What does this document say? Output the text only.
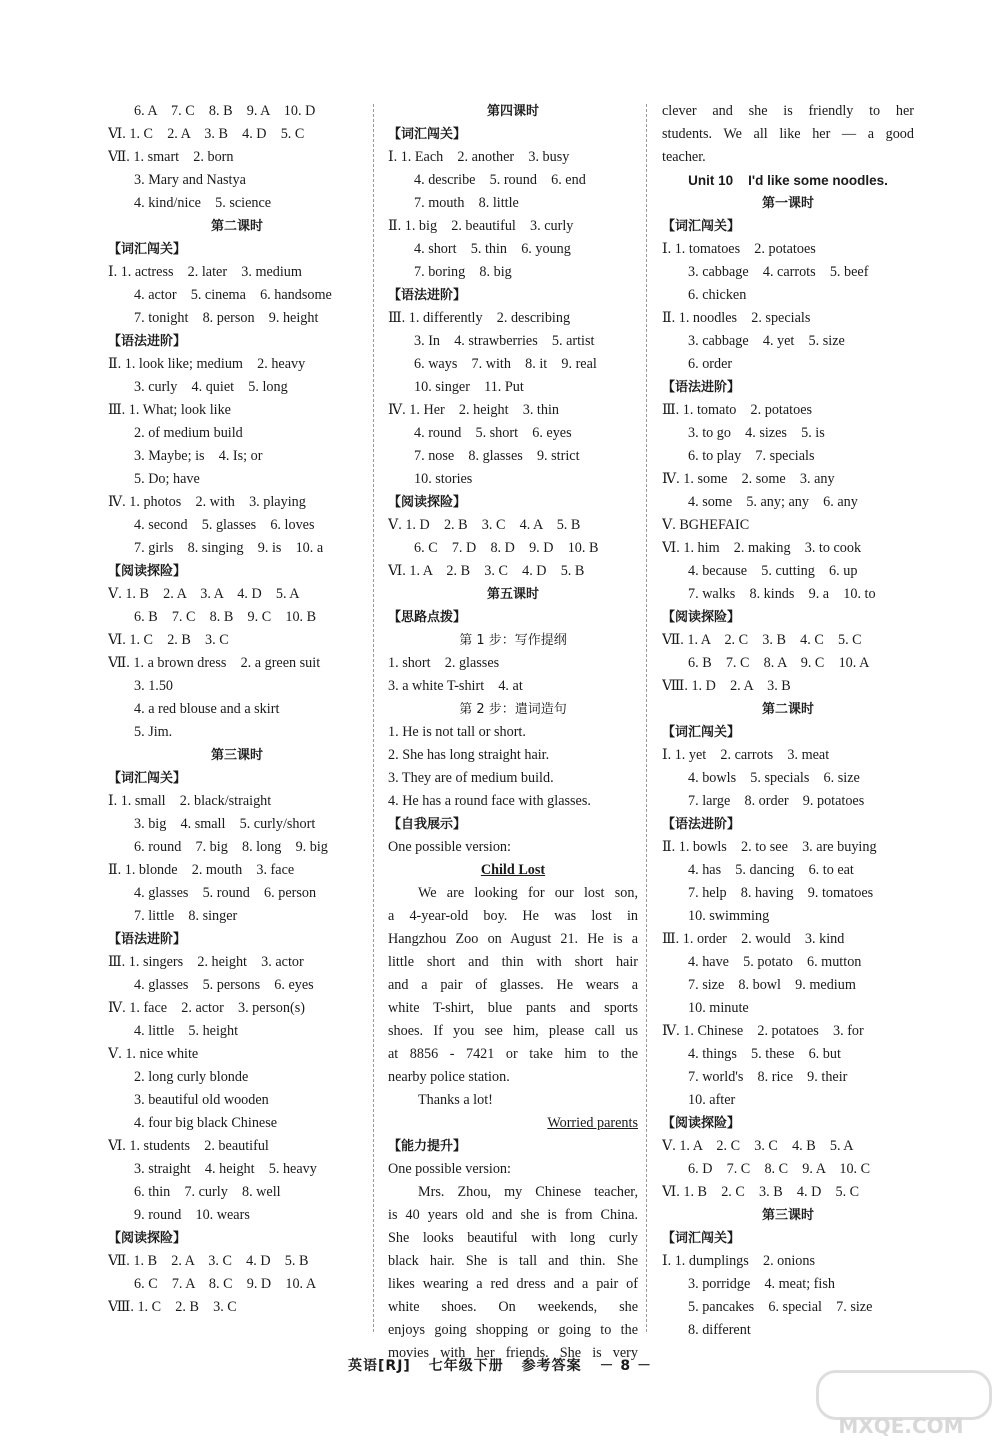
6. A    7. C    8. B    9. A    10. D
Ⅵ. 1. C    2. A    3. B    4. D    5. C
Ⅶ. 1. smart    2. born
3. Mary and Nastya
4. kind/nice    5. science
第二课时
【词汇闯关】
Ⅰ. 1. actress    2. later    3. medium
4. actor    5. cinema    6. handsome
7. tonight    8. person    9. height
【语法进阶】
Ⅱ. 1. look like; medium    2. heavy
3. curly    4. quiet    5. long
Ⅲ. 1. What; look like
2. of medium build
3. Maybe; is    4. Is; or
5. Do; have
Ⅳ. 1. photos    2. with    3. playing
4. second    5. glasses    6. loves
7. girls    8. singing    9. is    10. a
【阅读探险】
Ⅴ. 1. B    2. A    3. A    4. D    5. A
6. B    7. C    8. B    9. C    10. B
Ⅵ. 1. C    2. B    3. C
Ⅶ. 1. a brown dress    2. a green suit
3. 1.50
4. a red blouse and a skirt
5. Jim.
第三课时
【词汇闯关】
Ⅰ. 1. small    2. black/straight
3. big    4. small    5. curly/short
6. round    7. big    8. long    9. big
Ⅱ. 1. blonde    2. mouth    3. face
4. glasses    5. round    6. person
7. little    8. singer
【语法进阶】
Ⅲ. 1. singers    2. height    3. actor
4. glasses    5. persons    6. eyes
Ⅳ. 1. face    2. actor    3. person(s)
4. little    5. height
Ⅴ. 1. nice white
2. long curly blonde
3. beautiful old wooden
4. four big black Chinese
Ⅵ. 1. students    2. beautiful
3. straight    4. height    5. heavy
6. thin    7. curly    8. well
9. round    10. wears
【阅读探险】
Ⅶ. 1. B    2. A    3. C    4. D    5. B
6. C    7. A    8. C    9. D    10. A
Ⅷ. 1. C    2. B    3. C
第四课时
【词汇闯关】
Ⅰ. 1. Each    2. another    3. busy
4. describe    5. round    6. end
7. mouth    8. little
Ⅱ. 1. big    2. beautiful    3. curly
4. short    5. thin    6. young
7. boring    8. big
【语法进阶】
Ⅲ. 1. differently    2. describing
3. In    4. strawberries    5. artist
6. ways    7. with    8. it    9. real
10. singer    11. Put
Ⅳ. 1. Her    2. height    3. thin
4. round    5. short    6. eyes
7. nose    8. glasses    9. strict
10. stories
【阅读探险】
Ⅴ. 1. D    2. B    3. C    4. A    5. B
6. C    7. D    8. D    9. D    10. B
Ⅵ. 1. A    2. B    3. C    4. D    5. B
第五课时
【思路点拨】
第 1 步：写作提纲
1. short    2. glasses
3. a white T-shirt    4. at
第 2 步：遣词造句
1. He is not tall or short.
2. She has long straight hair.
3. They are of medium build.
4. He has a round face with glasses.
【自我展示】
One possible version:
Child Lost
We are looking for our lost son,
a 4-year-old boy. He was lost in
Hangzhou Zoo on August 21. He is a
little short and thin with short hair
and a pair of glasses. He wears a
white T-shirt, blue pants and sports
shoes. If you see him, please call us
at 8856 - 7421 or take him to the
nearby police station.
Thanks a lot!
Worried parents
【能力提升】
One possible version:
Mrs. Zhou, my Chinese teacher,
is 40 years old and she is from China.
She looks beautiful with long curly
black hair. She is tall and thin. She
likes wearing a red dress and a pair of
white shoes. On weekends, she
enjoys going shopping or going to the
movies with her friends. She is very
clever and she is friendly to her
students. We all like her — a good
teacher.
Unit 10    I'd like some noodles.
第一课时
【词汇闯关】
Ⅰ. 1. tomatoes    2. potatoes
3. cabbage    4. carrots    5. beef
6. chicken
Ⅱ. 1. noodles    2. specials
3. cabbage    4. yet    5. size
6. order
【语法进阶】
Ⅲ. 1. tomato    2. potatoes
3. to go    4. sizes    5. is
6. to play    7. specials
Ⅳ. 1. some    2. some    3. any
4. some    5. any; any    6. any
Ⅴ. BGHEFAIC
Ⅵ. 1. him    2. making    3. to cook
4. because    5. cutting    6. up
7. walks    8. kinds    9. a    10. to
【阅读探险】
Ⅶ. 1. A    2. C    3. B    4. C    5. C
6. B    7. C    8. A    9. C    10. A
Ⅷ. 1. D    2. A    3. B
第二课时
【词汇闯关】
Ⅰ. 1. yet    2. carrots    3. meat
4. bowls    5. specials    6. size
7. large    8. order    9. potatoes
【语法进阶】
Ⅱ. 1. bowls    2. to see    3. are buying
4. has    5. dancing    6. to eat
7. help    8. having    9. tomatoes
10. swimming
Ⅲ. 1. order    2. would    3. kind
4. have    5. potato    6. mutton
7. size    8. bowl    9. medium
10. minute
Ⅳ. 1. Chinese    2. potatoes    3. for
4. things    5. these    6. but
7. world's    8. rice    9. their
10. after
【阅读探险】
Ⅴ. 1. A    2. C    3. C    4. B    5. A
6. D    7. C    8. C    9. A    10. C
Ⅵ. 1. B    2. C    3. B    4. D    5. C
第三课时
【词汇闯关】
Ⅰ. 1. dumplings    2. onions
3. porridge    4. meat; fish
5. pancakes    6. special    7. size
8. different
英语[RJ] 七年级下册 参考答案 － 8 －
MXQE.COM
